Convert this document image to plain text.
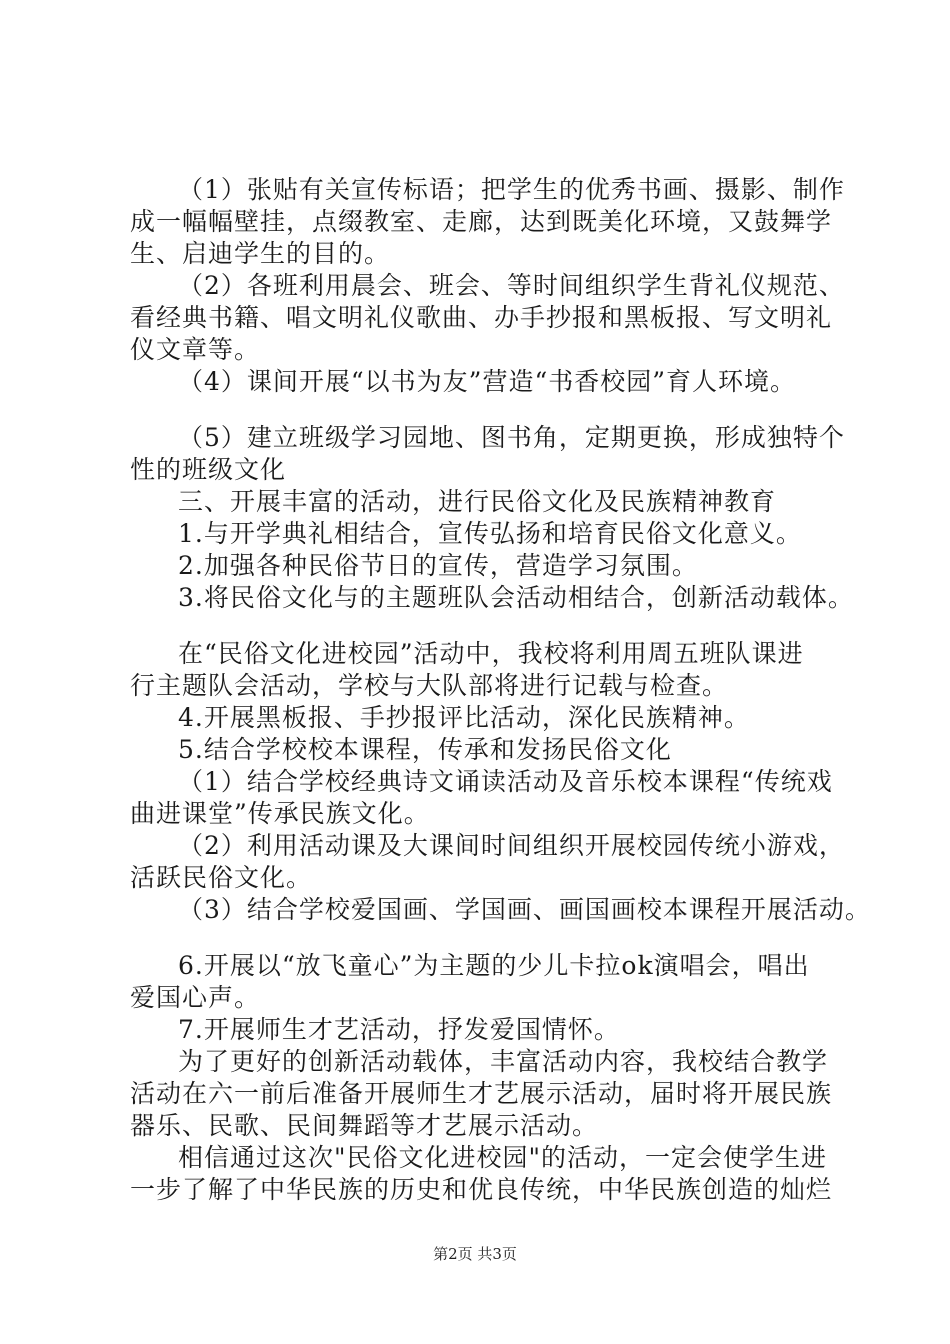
（1）张贴有关宣传标语；把学生的优秀书画、摄影、制作
成一幅幅壁挂，点缀教室、走廊，达到既美化环境，又鼓舞学
生、启迪学生的目的。
（2）各班利用晨会、班会、等时间组织学生背礼仪规范、
看经典书籍、唱文明礼仪歌曲、办手抄报和黑板报、写文明礼
仪文章等。
（4）课间开展“以书为友”营造“书香校园”育人环境。
（5）建立班级学习园地、图书角，定期更换，形成独特个
性的班级文化
三、开展丰富的活动，进行民俗文化及民族精神教育
1.与开学典礼相结合，宣传弘扬和培育民俗文化意义。
2.加强各种民俗节日的宣传，营造学习氛围。
3.将民俗文化与的主题班队会活动相结合，创新活动载体。
在“民俗文化进校园”活动中，我校将利用周五班队课进
行主题队会活动，学校与大队部将进行记载与检查。
4.开展黑板报、手抄报评比活动，深化民族精神。
5.结合学校校本课程，传承和发扬民俗文化
（1）结合学校经典诗文诵读活动及音乐校本课程“传统戏
曲进课堂”传承民族文化。
（2）利用活动课及大课间时间组织开展校园传统小游戏，
活跃民俗文化。
（3）结合学校爱国画、学国画、画国画校本课程开展活动。
6.开展以“放飞童心”为主题的少儿卡拉ok演唱会，唱出
爱国心声。
7.开展师生才艺活动，抒发爱国情怀。
为了更好的创新活动载体，丰富活动内容，我校结合教学
活动在六一前后准备开展师生才艺展示活动，届时将开展民族
器乐、民歌、民间舞蹈等才艺展示活动。
相信通过这次"民俗文化进校园"的活动，一定会使学生进
一步了解了中华民族的历史和优良传统，中华民族创造的灿烂
第2页 共3页
